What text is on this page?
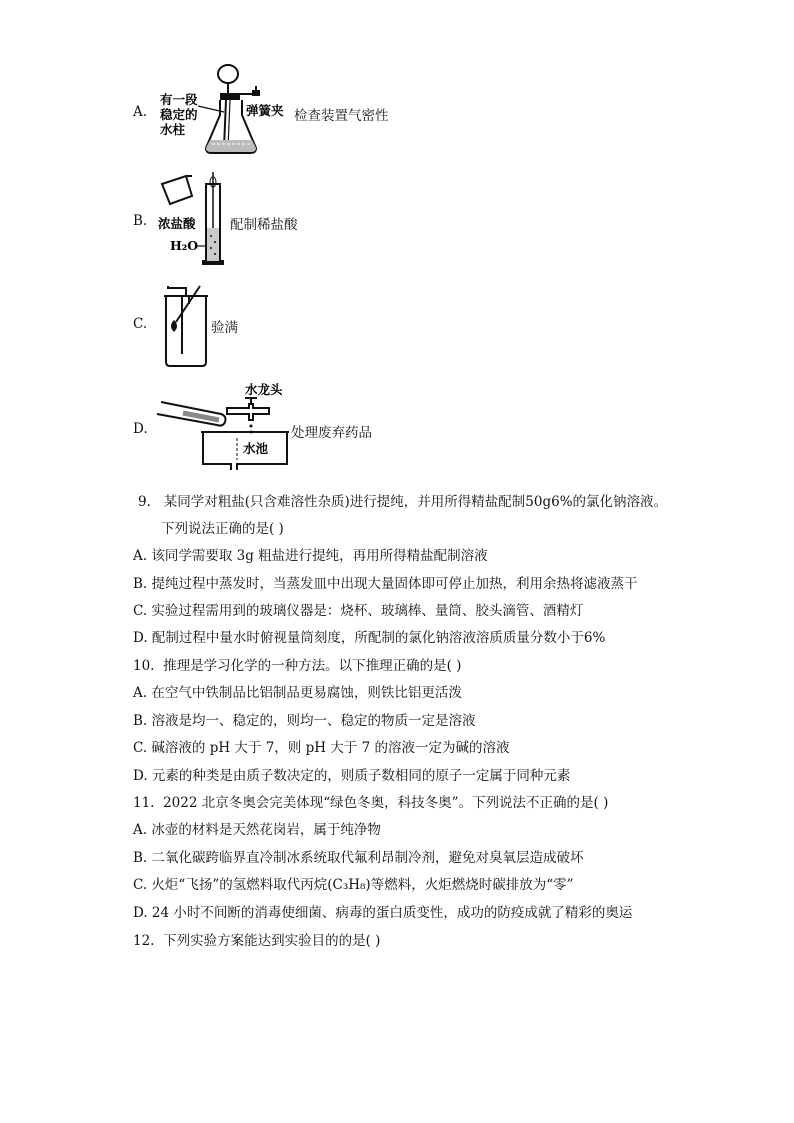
A.
有一段
稳定的
水柱
弹簧夹 检查装置气密性
B. 浓盐酸
H₂O
配制稀盐酸
C.	验满
D.
水龙头
水池
处理废弃药品
9. 某同学对粗盐(只含难溶性杂质)进行提纯，并用所得精盐配制50g6%的氯化钠溶液。
下列说法正确的是( )
A. 该同学需要取 3g 粗盐进行提纯，再用所得精盐配制溶液
B. 提纯过程中蒸发时，当蒸发皿中出现大量固体即可停止加热，利用余热将滤液蒸干
C. 实验过程需用到的玻璃仪器是：烧杯、玻璃棒、量筒、胶头滴管、酒精灯
D. 配制过程中量水时俯视量筒刻度，所配制的氯化钠溶液溶质质量分数小于6%
10. 推理是学习化学的一种方法。以下推理正确的是( )
A. 在空气中铁制品比铝制品更易腐蚀，则铁比铝更活泼
B. 溶液是均一、稳定的，则均一、稳定的物质一定是溶液
C. 碱溶液的 pH 大于 7，则 pH 大于 7 的溶液一定为碱的溶液
D. 元素的种类是由质子数决定的，则质子数相同的原子一定属于同种元素
11. 2022 北京冬奥会完美体现“绿色冬奥，科技冬奥”。下列说法不正确的是( )
A. 冰壶的材料是天然花岗岩，属于纯净物
B. 二氧化碳跨临界直冷制冰系统取代氟利昂制冷剂，避免对臭氧层造成破坏
C. 火炬“飞扬”的氢燃料取代丙烷(C₃H₈)等燃料，火炬燃烧时碳排放为“零”
D. 24 小时不间断的消毒使细菌、病毒的蛋白质变性，成功的防疫成就了精彩的奥运
12. 下列实验方案能达到实验目的的是( )
